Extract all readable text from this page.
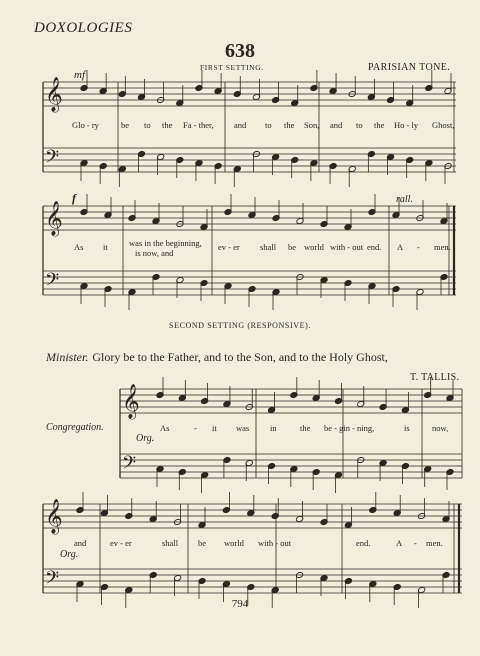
DOXOLOGIES
638
FIRST SETTING.	PARISIAN TONE.
SECOND SETTING (RESPONSIVE).
Minister. Glory be to the Father, and to the Son, and to the Holy Ghost,
T. TALLIS.
Congregation.
794
𝄞
𝄢
𝄞
𝄢
𝄞
𝄢
𝄞
𝄢
mf
f	rall.
Org.
Org.
Glo - ry	be to the Fa - ther, and to the Son, and to the Ho - ly Ghost,
As it	was in the beginning,
is now, and
ev - er shall be world with - out end. A - men.
As	- it was in	the be - gin - ning,	is	now,
and	ev - er	shall be world with - out	end.	A - men.
